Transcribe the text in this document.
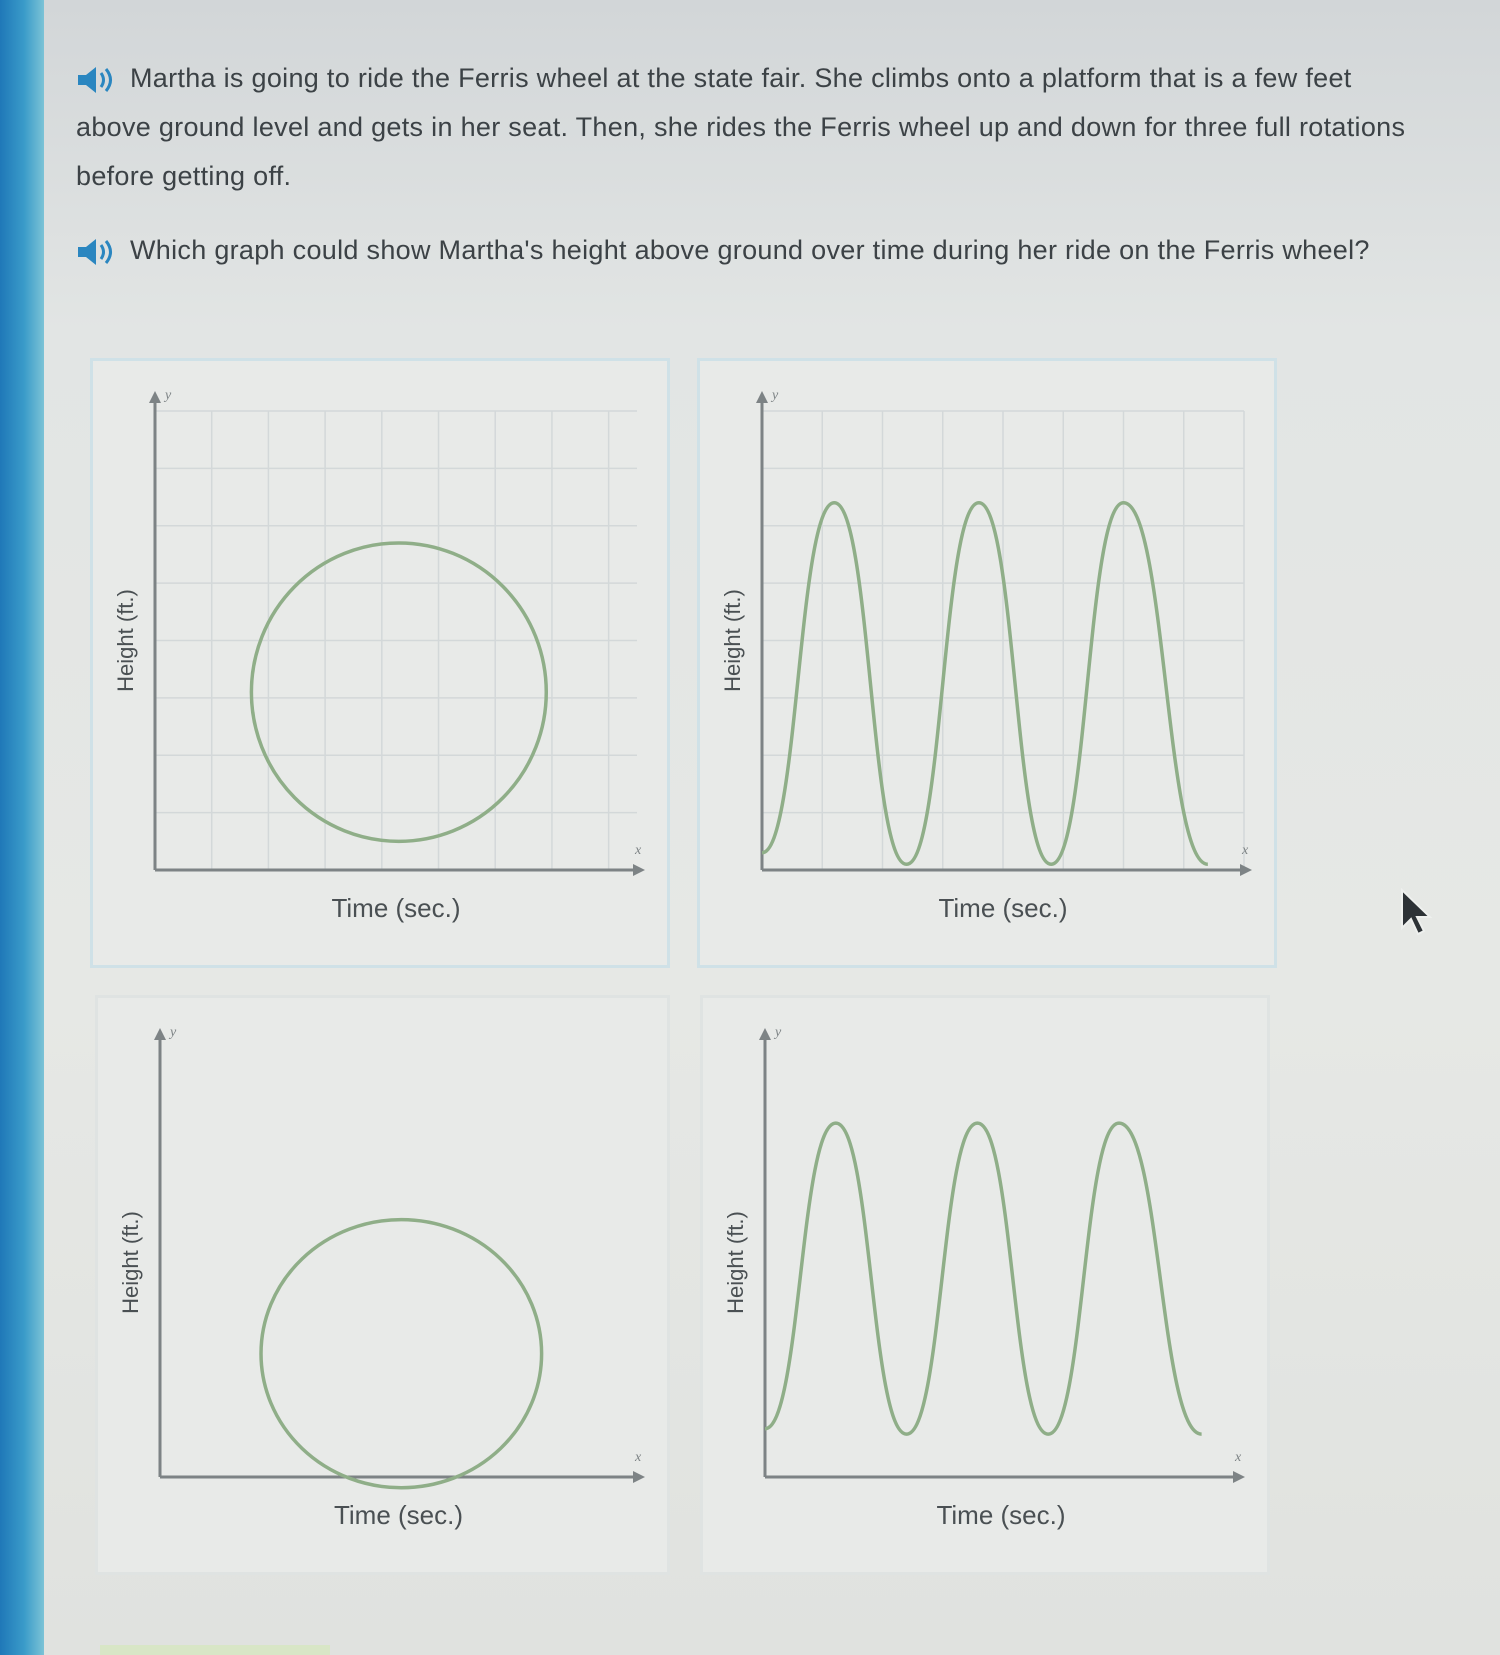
Martha is going to ride the Ferris wheel at the state fair. She climbs onto a platform that is a few feet above ground level and gets in her seat. Then, she rides the Ferris wheel up and down for three full rotations before getting off.
Which graph could show Martha's height above ground over time during her ride on the Ferris wheel?
x
y
Time (sec.)
Height (ft.)
x
y
Time (sec.)
Height (ft.)
x
y
Time (sec.)
Height (ft.)
x
y
Time (sec.)
Height (ft.)
